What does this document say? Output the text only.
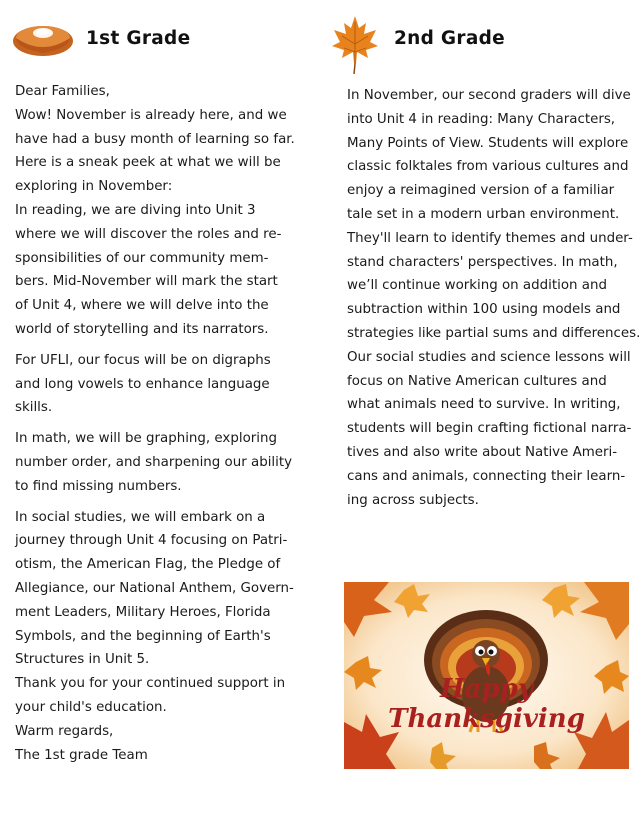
1st Grade	2nd Grade
Dear Families,
Wow! November is already here, and we
have had a busy month of learning so far.
Here is a sneak peek at what we will be
exploring in November:
In reading, we are diving into Unit 3
where we will discover the roles and re-
sponsibilities of our community mem-
bers. Mid-November will mark the start
of Unit 4, where we will delve into the
world of storytelling and its narrators.
For UFLI, our focus will be on digraphs
and long vowels to enhance language
skills.
In math, we will be graphing, exploring
number order, and sharpening our ability
to find missing numbers.
In social studies, we will embark on a
journey through Unit 4 focusing on Patri-
otism, the American Flag, the Pledge of
Allegiance, our National Anthem, Govern-
ment Leaders, Military Heroes, Florida
Symbols, and the beginning of Earth's
Structures in Unit 5.
Thank you for your continued support in
your child's education.
Warm regards,
The 1st grade Team
In November, our second graders will dive
into Unit 4 in reading: Many Characters,
Many Points of View. Students will explore
classic folktales from various cultures and
enjoy a reimagined version of a familiar
tale set in a modern urban environment.
They'll learn to identify themes and under-
stand characters' perspectives. In math,
we’ll continue working on addition and
subtraction within 100 using models and
strategies like partial sums and differences.
Our social studies and science lessons will
focus on Native American cultures and
what animals need to survive. In writing,
students will begin crafting fictional narra-
tives and also write about Native Ameri-
cans and animals, connecting their learn-
ing across subjects.
Happy Thanksgiving
